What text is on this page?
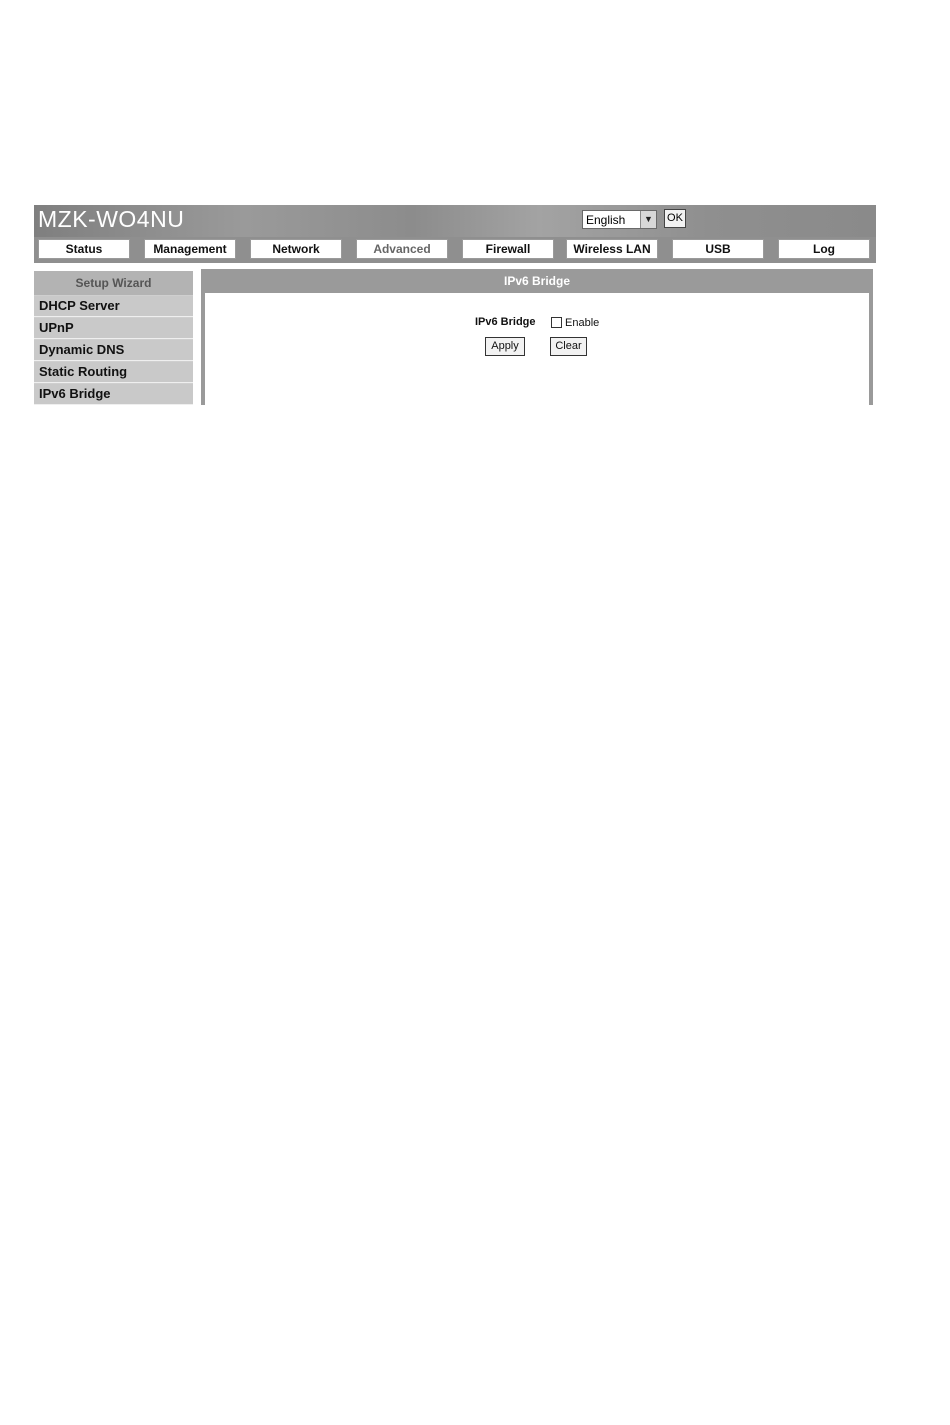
MZK-WO4NU	English	▼ OK
Status	Management	Network	Advanced	Firewall	Wireless LAN	USB	Log
Setup Wizard
DHCP Server
UPnP
Dynamic DNS
Static Routing
IPv6 Bridge
IPv6 Bridge
IPv6 Bridge	Enable
Apply	Clear
